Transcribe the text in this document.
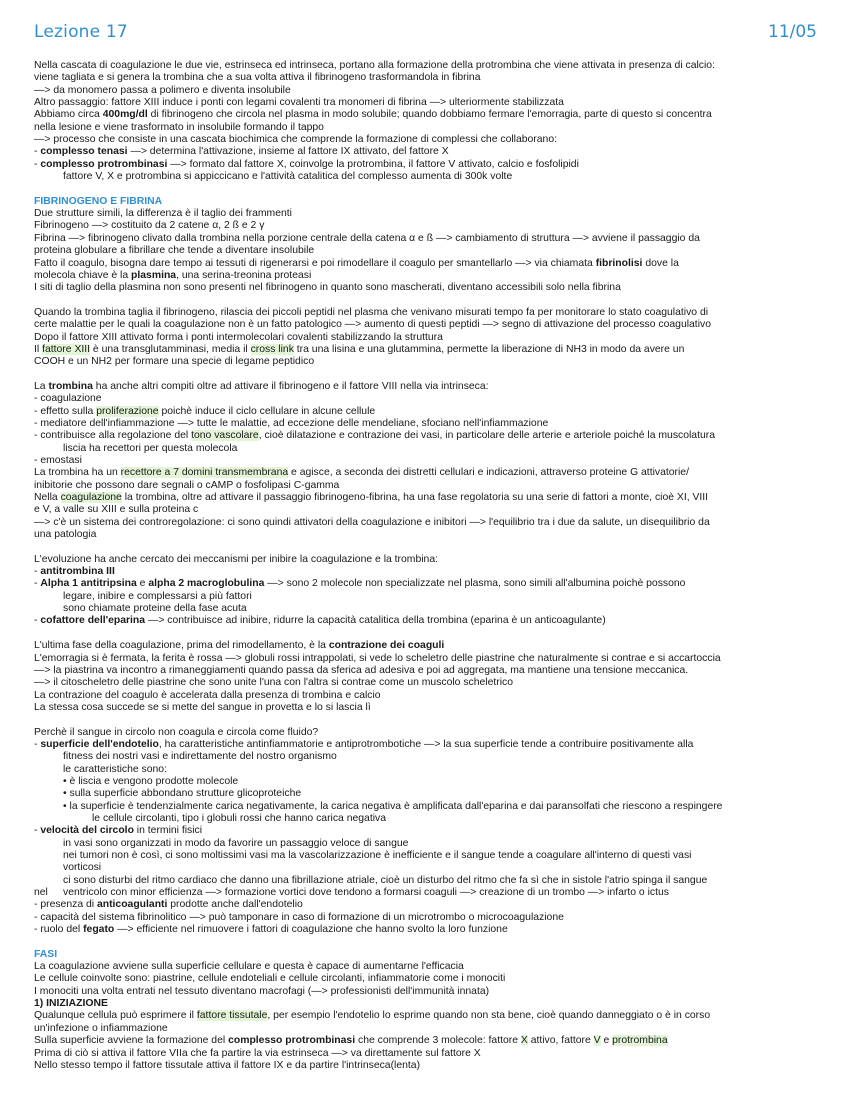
Lezione 17	11/05
Nella cascata di coagulazione le due vie, estrinseca ed intrinseca, portano alla formazione della protrombina che viene attivata in presenza di calcio:
viene tagliata e si genera la trombina che a sua volta attiva il fibrinogeno trasformandola in fibrina
—> da monomero passa a polimero e diventa insolubile
Altro passaggio: fattore XIII induce i ponti con legami covalenti tra monomeri di fibrina —> ulteriormente stabilizzata
Abbiamo circa 400mg/dl di fibrinogeno che circola nel plasma in modo solubile; quando dobbiamo fermare l'emorragia, parte di questo si concentra
nella lesione e viene trasformato in insolubile formando il tappo
—> processo che consiste in una cascata biochimica che comprende la formazione di complessi che collaborano:
- complesso tenasi —> determina l'attivazione, insieme al fattore IX attivato, del fattore X
- complesso protrombinasi —> formato dal fattore X, coinvolge la protrombina, il fattore V attivato, calcio e fosfolipidi
fattore V, X e protrombina si appiccicano e l'attività catalitica del complesso aumenta di 300k volte
FIBRINOGENO E FIBRINA
Due strutture simili, la differenza è il taglio dei frammenti
Fibrinogeno —> costituito da 2 catene α, 2 ß e 2 γ
Fibrina —> fibrinogeno clivato dalla trombina nella porzione centrale della catena α e ß —> cambiamento di struttura —> avviene il passaggio da
proteina globulare a fibrillare che tende a diventare insolubile
Fatto il coagulo, bisogna dare tempo ai tessuti di rigenerarsi e poi rimodellare il coagulo per smantellarlo —> via chiamata fibrinolisi dove la
molecola chiave è la plasmina, una serina-treonina proteasi
I siti di taglio della plasmina non sono presenti nel fibrinogeno in quanto sono mascherati, diventano accessibili solo nella fibrina
Quando la trombina taglia il fibrinogeno, rilascia dei piccoli peptidi nel plasma che venivano misurati tempo fa per monitorare lo stato coagulativo di
certe malattie per le quali la coagulazione non è un fatto patologico —> aumento di questi peptidi —> segno di attivazione del processo coagulativo
Dopo il fattore XIII attivato forma i ponti intermolecolari covalenti stabilizzando la struttura
Il fattore XIII è una transglutamminasi, media il cross link tra una lisina e una glutammina, permette la liberazione di NH3 in modo da avere un
COOH e un NH2 per formare una specie di legame peptidico
La trombina ha anche altri compiti oltre ad attivare il fibrinogeno e il fattore VIII nella via intrinseca:
- coagulazione
- effetto sulla proliferazione poichè induce il ciclo cellulare in alcune cellule
- mediatore dell'infiammazione —> tutte le malattie, ad eccezione delle mendeliane, sfociano nell'infiammazione
- contribuisce alla regolazione del tono vascolare, cioè dilatazione e contrazione dei vasi, in particolare delle arterie e arteriole poiché la muscolatura
liscia ha recettori per questa molecola
- emostasi
La trombina ha un recettore a 7 domini transmembrana e agisce, a seconda dei distretti cellulari e indicazioni, attraverso proteine G attivatorie/
inibitorie che possono dare segnali o cAMP o fosfolipasi C-gamma
Nella coagulazione la trombina, oltre ad attivare il passaggio fibrinogeno-fibrina, ha una fase regolatoria su una serie di fattori a monte, cioè XI, VIII
e V, a valle su XIII e sulla proteina c
—> c'è un sistema dei controregolazione: ci sono quindi attivatori della coagulazione e inibitori —> l'equilibrio tra i due da salute, un disequilibrio da
una patologia
L'evoluzione ha anche cercato dei meccanismi per inibire la coagulazione e la trombina:
- antitrombina III
- Alpha 1 antitripsina e alpha 2 macroglobulina —> sono 2 molecole non specializzate nel plasma, sono simili all'albumina poichè possono
legare, inibire e complessarsi a più fattori
sono chiamate proteine della fase acuta
- cofattore dell'eparina —> contribuisce ad inibire, ridurre la capacità catalitica della trombina (eparina è un anticoagulante)
L'ultima fase della coagulazione, prima del rimodellamento, è la contrazione dei coaguli
L'emorragia si è fermata, la ferita è rossa —> globuli rossi intrappolati, si vede lo scheletro delle piastrine che naturalmente si contrae e si accartoccia
—> la piastrina va incontro a rimaneggiamenti quando passa da sferica ad adesiva e poi ad aggregata, ma mantiene una tensione meccanica.
—> il citoscheletro delle piastrine che sono unite l'una con l'altra si contrae come un muscolo scheletrico
La contrazione del coagulo è accelerata dalla presenza di trombina e calcio
La stessa cosa succede se si mette del sangue in provetta e lo si lascia lì
Perchè il sangue in circolo non coagula e circola come fluido?
- superficie dell'endotelio, ha caratteristiche antinfiammatorie e antiprotrombotiche —> la sua superficie tende a contribuire positivamente alla
fitness dei nostri vasi e indirettamente del nostro organismo
le caratteristiche sono:
• è liscia e vengono prodotte molecole
• sulla superficie abbondano strutture glicoproteiche
• la superficie è tendenzialmente carica negativamente, la carica negativa è amplificata dall'eparina e dai paransolfati che riescono a respingere
le cellule circolanti, tipo i globuli rossi che hanno carica negativa
- velocità del circolo in termini fisici
in vasi sono organizzati in modo da favorire un passaggio veloce di sangue
nei tumori non è così, ci sono moltissimi vasi ma la vascolarizzazione è inefficiente e il sangue tende a coagulare all'interno di questi vasi
vorticosi
ci sono disturbi del ritmo cardiaco che danno una fibrillazione atriale, cioè un disturbo del ritmo che fa sì che in sistole l'atrio spinga il sangue
nel ventricolo con minor efficienza —> formazione vortici dove tendono a formarsi coaguli —> creazione di un trombo —> infarto o ictus
- presenza di anticoagulanti prodotte anche dall'endotelio
- capacità del sistema fibrinolitico —> può tamponare in caso di formazione di un microtrombo o microcoagulazione
- ruolo del fegato —> efficiente nel rimuovere i fattori di coagulazione che hanno svolto la loro funzione
FASI
La coagulazione avviene sulla superficie cellulare e questa è capace di aumentarne l'efficacia
Le cellule coinvolte sono: piastrine, cellule endoteliali e cellule circolanti, infiammatorie come i monociti
I monociti una volta entrati nel tessuto diventano macrofagi (—> professionisti dell'immunità innata)
1) INIZIAZIONE
Qualunque cellula può esprimere il fattore tissutale, per esempio l'endotelio lo esprime quando non sta bene, cioè quando danneggiato o è in corso
un'infezione o infiammazione
Sulla superficie avviene la formazione del complesso protrombinasi che comprende 3 molecole: fattore X attivo, fattore V e protrombina
Prima di ciò si attiva il fattore VIIa che fa partire la via estrinseca —> va direttamente sul fattore X
Nello stesso tempo il fattore tissutale attiva il fattore IX e da partire l'intrinseca(lenta)
